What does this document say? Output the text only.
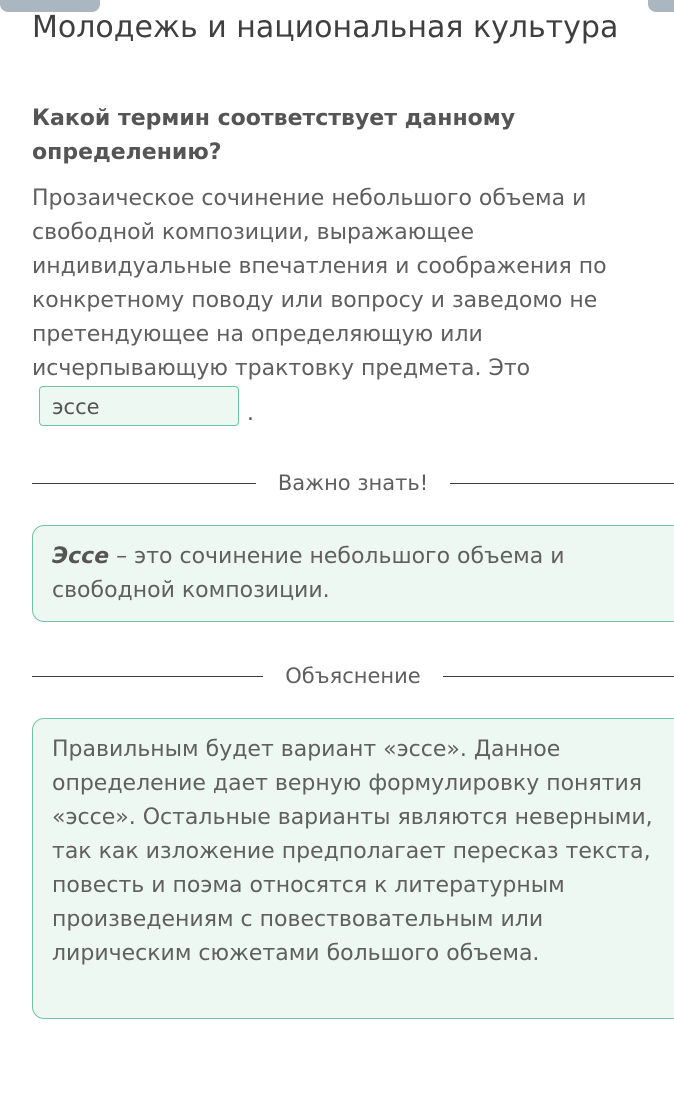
Молодежь и национальная культура
Какой термин соответствует данному определению?
Прозаическое сочинение небольшого объема и свободной композиции, выражающее индивидуальные впечатления и соображения по конкретному поводу или вопросу и заведомо не претендующее на определяющую или исчерпывающую трактовку предмета. Это
эссе	.
Важно знать!
Эссе – это сочинение небольшого объема и свободной композиции.
Объяснение
Правильным будет вариант «эссе». Данное определение дает верную формулировку понятия «эссе». Остальные варианты являются неверными, так как изложение предполагает пересказ текста, повесть и поэма относятся к литературным произведениям с повествовательным или лирическим сюжетами большого объема.
